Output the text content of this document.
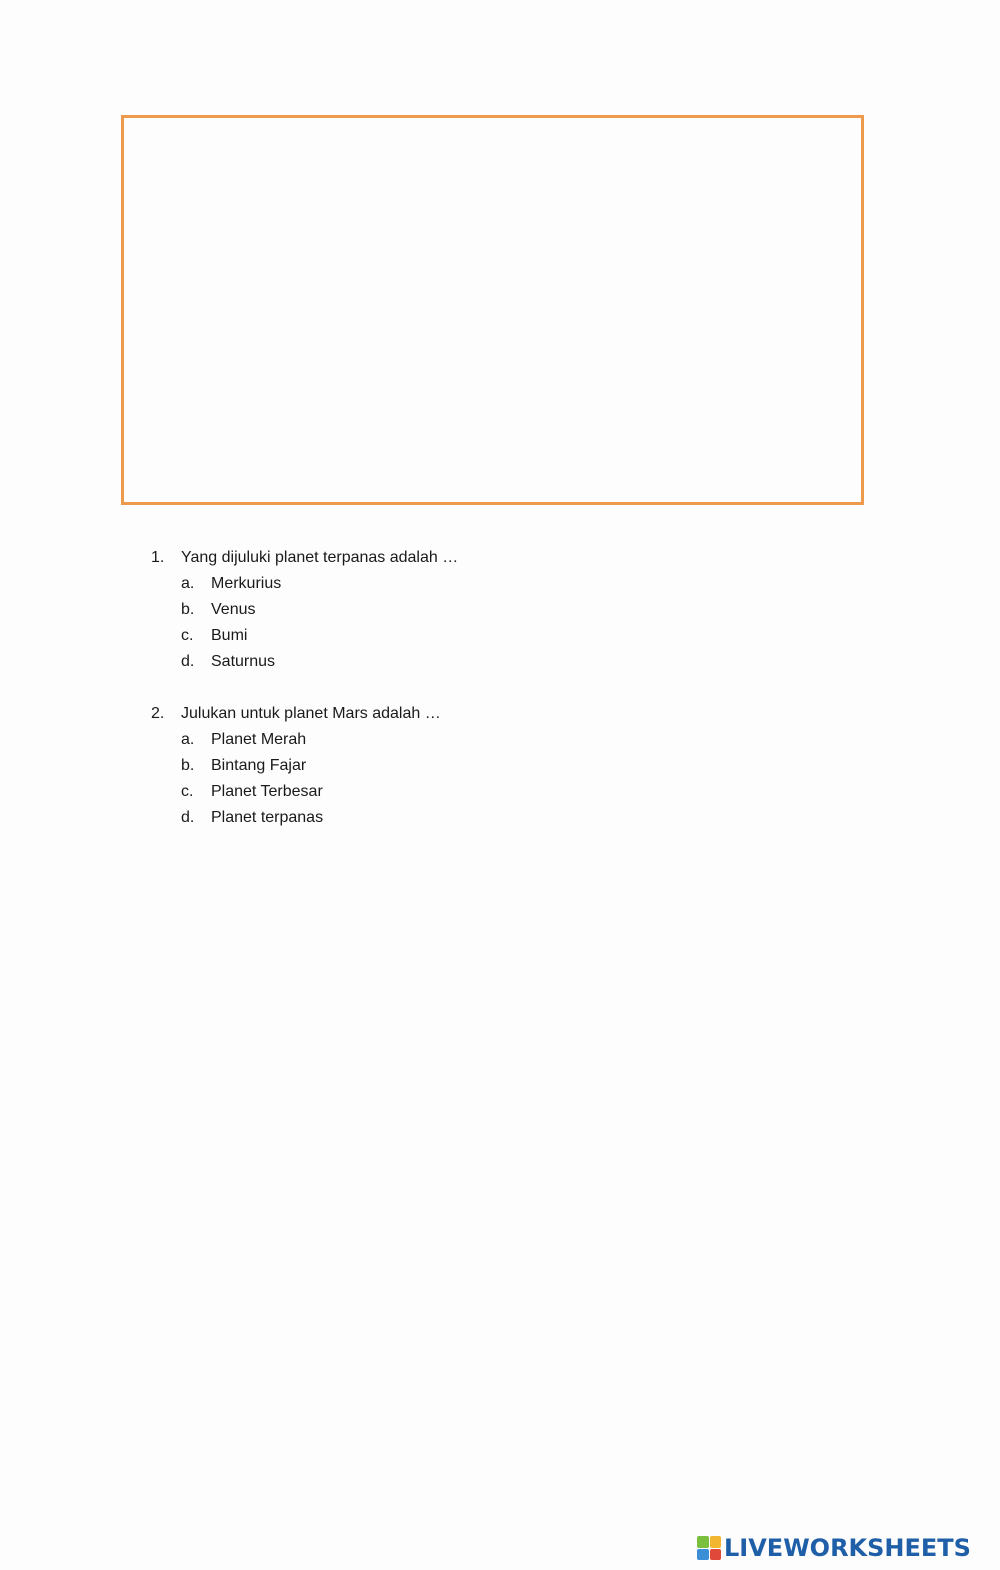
1.	Yang dijuluki planet terpanas adalah …
a.	Merkurius
b.	Venus
c.	Bumi
d.	Saturnus
2.	Julukan untuk planet Mars adalah …
a.	Planet Merah
b.	Bintang Fajar
c.	Planet Terbesar
d.	Planet terpanas
LIVEWORKSHEETS
